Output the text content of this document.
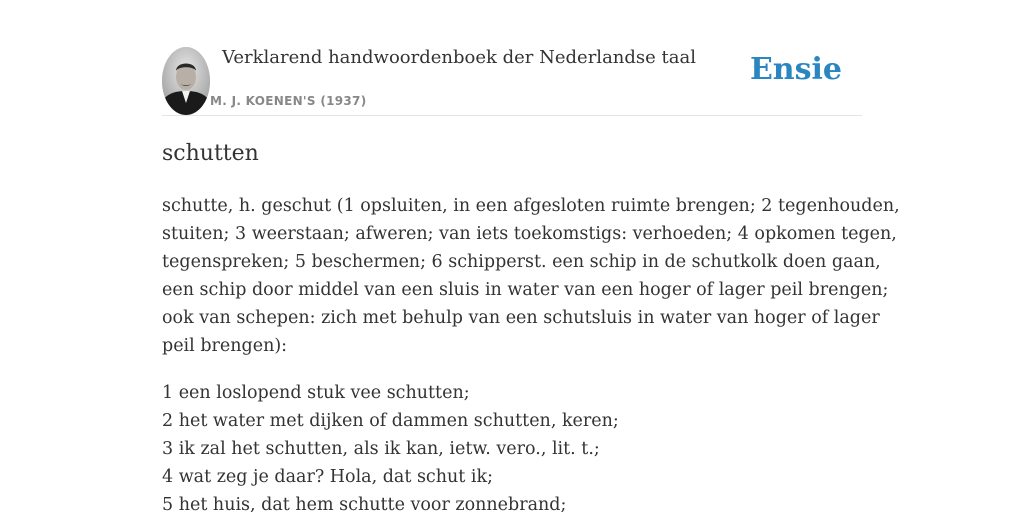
Verklarend handwoordenboek der Nederlandse taal
M. J. KOENEN'S (1937)
Ensie
schutten

schutte, h. geschut (1 opsluiten, in een afgesloten ruimte brengen; 2 tegenhouden,
stuiten; 3 weerstaan; afweren; van iets toekomstigs: verhoeden; 4 opkomen tegen,
tegenspreken; 5 beschermen; 6 schipperst. een schip in de schutkolk doen gaan,
een schip door middel van een sluis in water van een hoger of lager peil brengen;
ook van schepen: zich met behulp van een schutsluis in water van hoger of lager
peil brengen):

1 een loslopend stuk vee schutten;
2 het water met dijken of dammen schutten, keren;
3 ik zal het schutten, als ik kan, ietw. vero., lit. t.;
4 wat zeg je daar? Hola, dat schut ik;
5 het huis, dat hem schutte voor zonnebrand;
